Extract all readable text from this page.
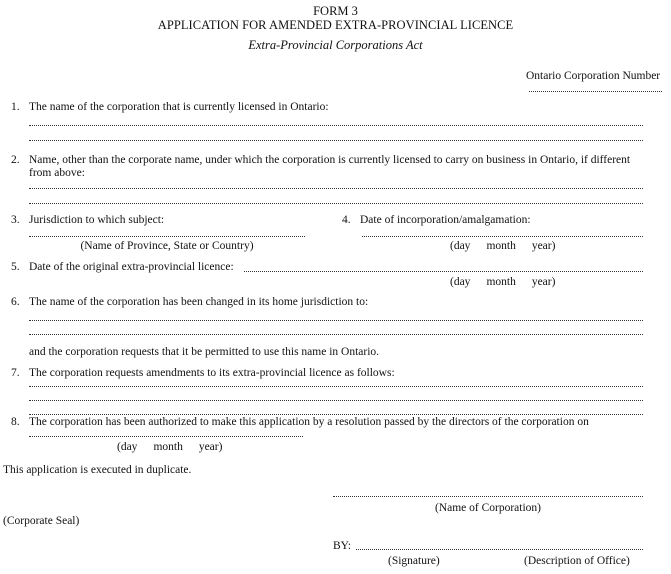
FORM 3
APPLICATION FOR AMENDED EXTRA-PROVINCIAL LICENCE
Extra-Provincial Corporations Act
Ontario Corporation Number
1. The name of the corporation that is currently licensed in Ontario:
2. Name, other than the corporate name, under which the corporation is currently licensed to carry on business in Ontario, if different
from above:
3. Jurisdiction to which subject:
(Name of Province, State or Country)
4. Date of incorporation/amalgamation:
(day month year)
5. Date of the original extra-provincial licence:
(day month year)
6. The name of the corporation has been changed in its home jurisdiction to:
and the corporation requests that it be permitted to use this name in Ontario.
7. The corporation requests amendments to its extra-provincial licence as follows:
8. The corporation has been authorized to make this application by a resolution passed by the directors of the corporation on
(day month year)
This application is executed in duplicate.
(Name of Corporation)
(Corporate Seal)
BY:
(Signature)	(Description of Office)
